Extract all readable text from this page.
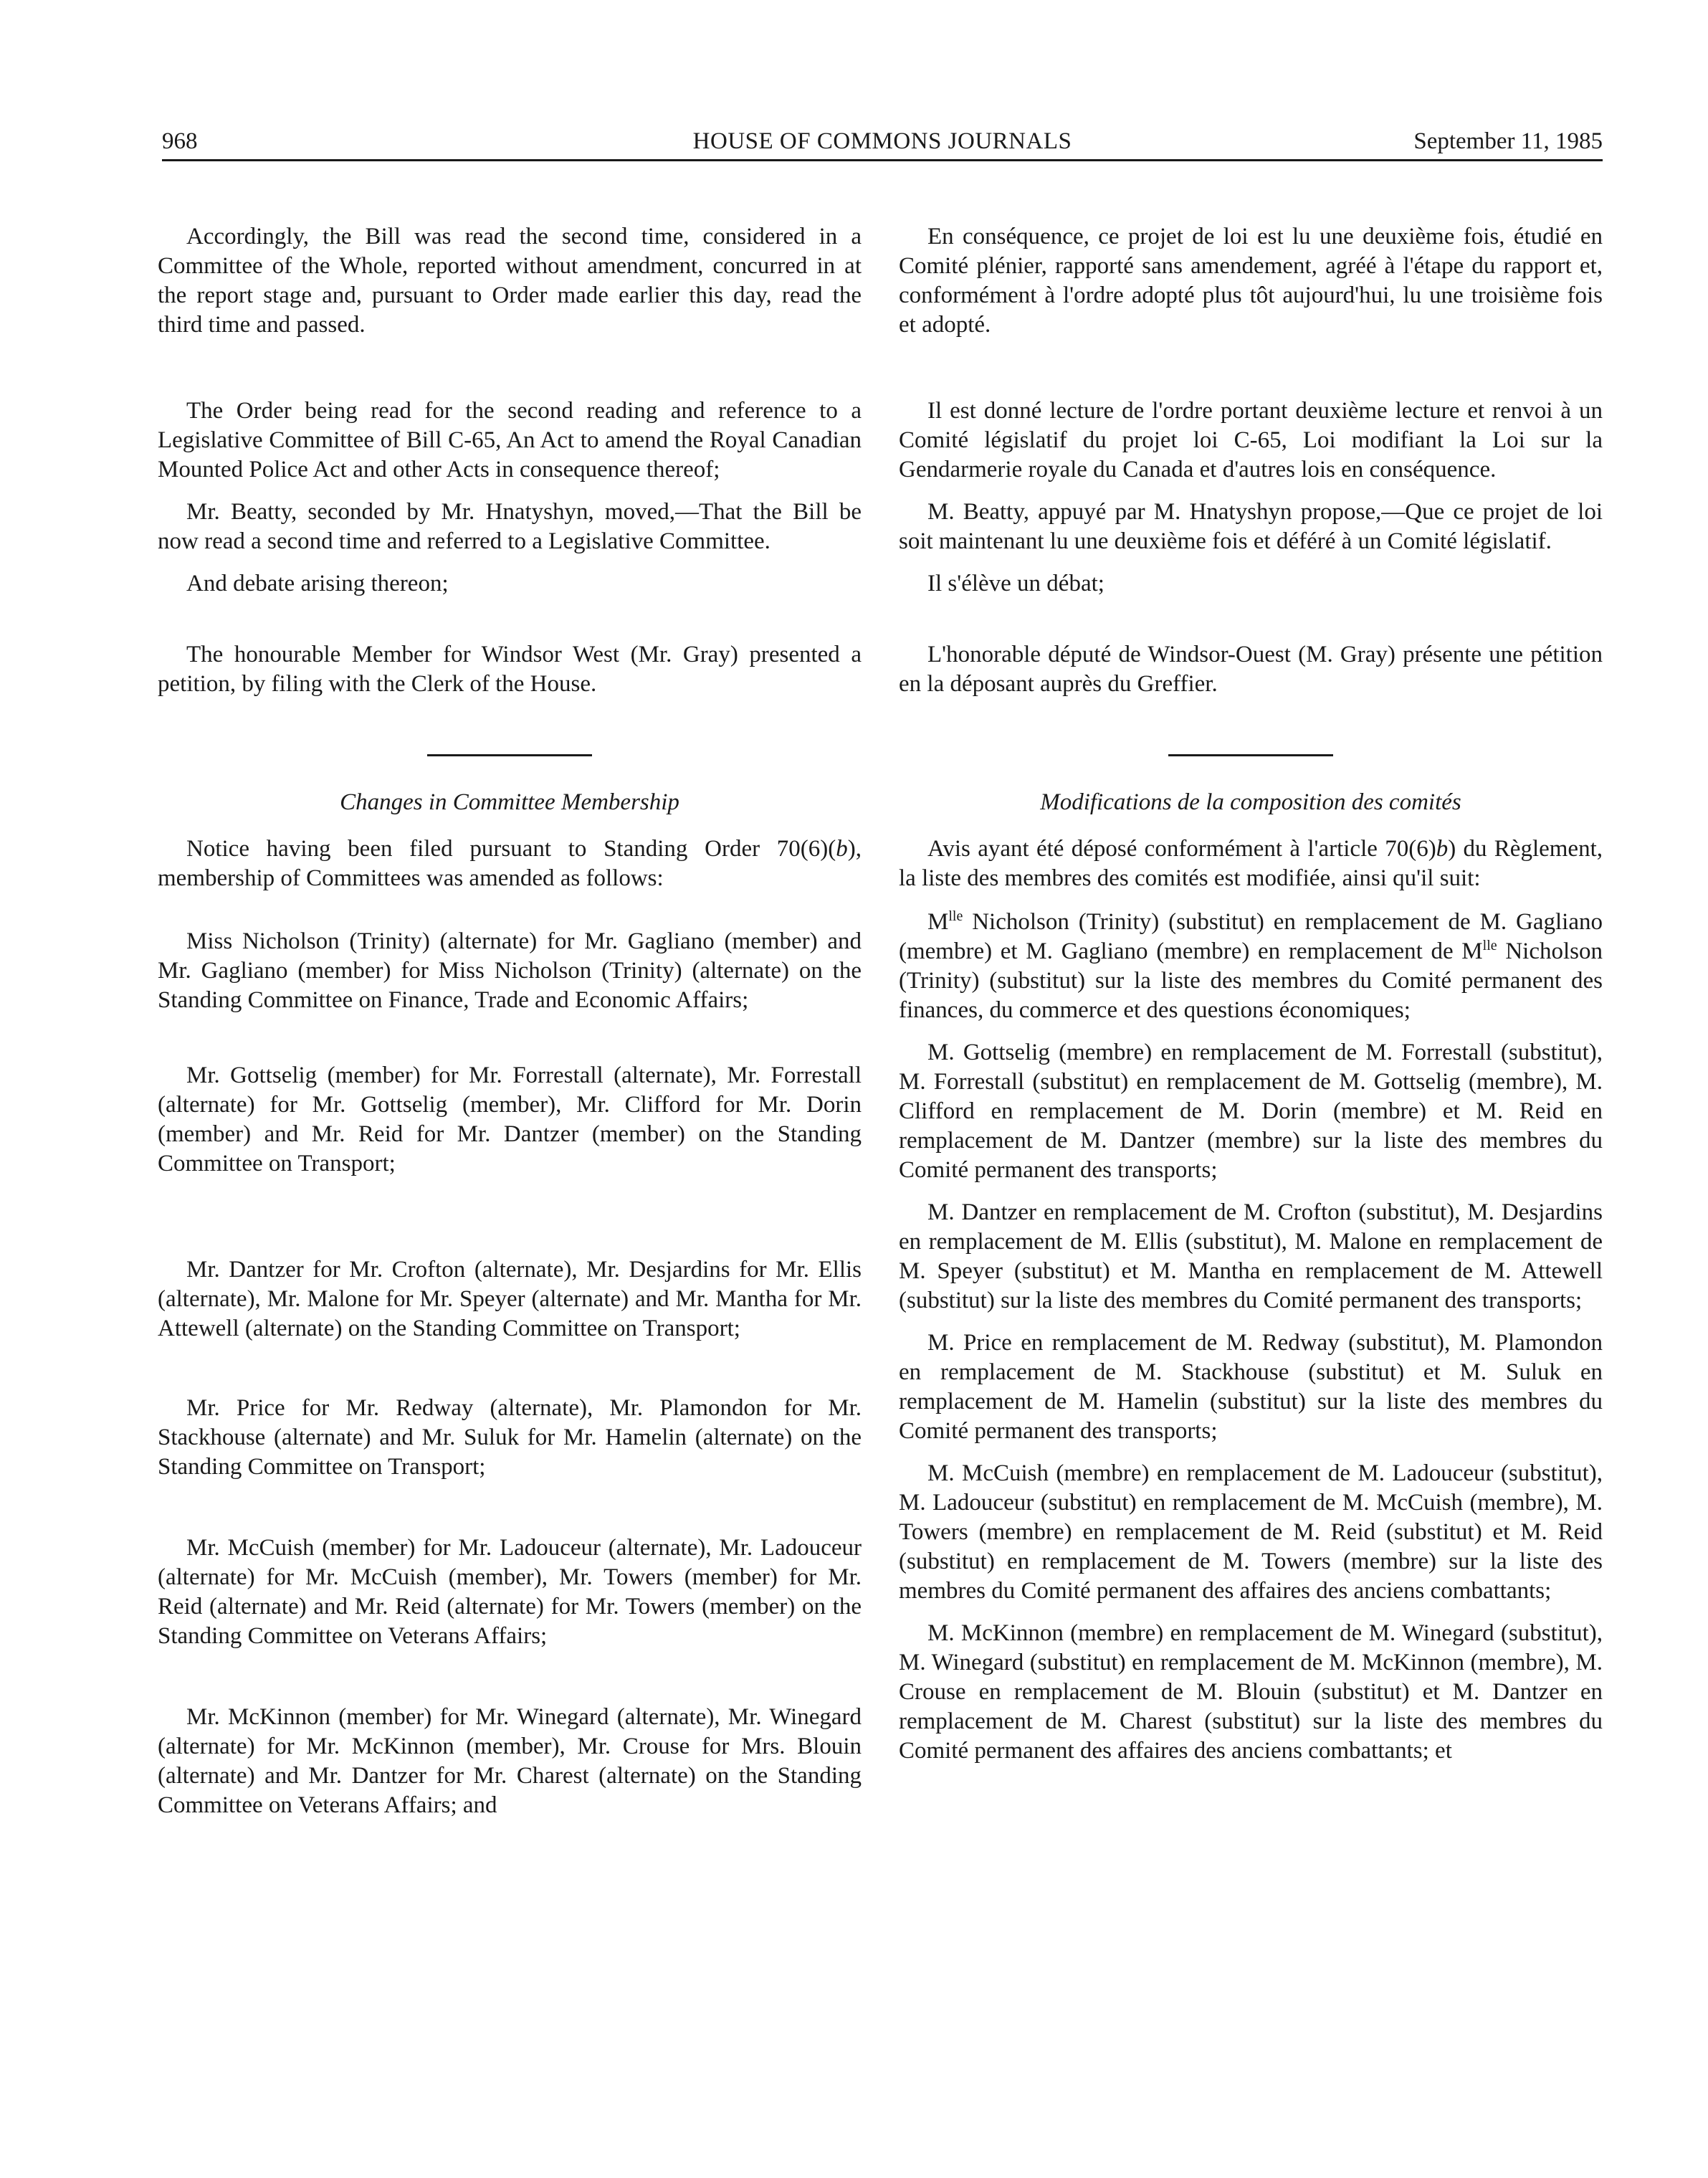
968	HOUSE OF COMMONS JOURNALS	September 11, 1985

Accordingly, the Bill was read the second time, considered in a Committee of the Whole, reported without amendment, concurred in at the report stage and, pursuant to Order made earlier this day, read the third time and passed.

The Order being read for the second reading and reference to a Legislative Committee of Bill C-65, An Act to amend the Royal Canadian Mounted Police Act and other Acts in consequence thereof;

Mr. Beatty, seconded by Mr. Hnatyshyn, moved,—That the Bill be now read a second time and referred to a Legislative Committee.

And debate arising thereon;

The honourable Member for Windsor West (Mr. Gray) presented a petition, by filing with the Clerk of the House.

Changes in Committee Membership

Notice having been filed pursuant to Standing Order 70(6)(b), membership of Committees was amended as follows:

Miss Nicholson (Trinity) (alternate) for Mr. Gagliano (member) and Mr. Gagliano (member) for Miss Nicholson (Trinity) (alternate) on the Standing Committee on Finance, Trade and Economic Affairs;

Mr. Gottselig (member) for Mr. Forrestall (alternate), Mr. Forrestall (alternate) for Mr. Gottselig (member), Mr. Clifford for Mr. Dorin (member) and Mr. Reid for Mr. Dantzer (member) on the Standing Committee on Transport;

Mr. Dantzer for Mr. Crofton (alternate), Mr. Desjardins for Mr. Ellis (alternate), Mr. Malone for Mr. Speyer (alternate) and Mr. Mantha for Mr. Attewell (alternate) on the Standing Committee on Transport;

Mr. Price for Mr. Redway (alternate), Mr. Plamondon for Mr. Stackhouse (alternate) and Mr. Suluk for Mr. Hamelin (alternate) on the Standing Committee on Transport;

Mr. McCuish (member) for Mr. Ladouceur (alternate), Mr. Ladouceur (alternate) for Mr. McCuish (member), Mr. Towers (member) for Mr. Reid (alternate) and Mr. Reid (alternate) for Mr. Towers (member) on the Standing Committee on Veterans Affairs;

Mr. McKinnon (member) for Mr. Winegard (alternate), Mr. Winegard (alternate) for Mr. McKinnon (member), Mr. Crouse for Mrs. Blouin (alternate) and Mr. Dantzer for Mr. Charest (alternate) on the Standing Committee on Veterans Affairs; and

En conséquence, ce projet de loi est lu une deuxième fois, étudié en Comité plénier, rapporté sans amendement, agréé à l'étape du rapport et, conformément à l'ordre adopté plus tôt aujourd'hui, lu une troisième fois et adopté.

Il est donné lecture de l'ordre portant deuxième lecture et renvoi à un Comité législatif du projet loi C-65, Loi modifiant la Loi sur la Gendarmerie royale du Canada et d'autres lois en conséquence.

M. Beatty, appuyé par M. Hnatyshyn propose,—Que ce projet de loi soit maintenant lu une deuxième fois et déféré à un Comité législatif.

Il s'élève un débat;

L'honorable député de Windsor-Ouest (M. Gray) présente une pétition en la déposant auprès du Greffier.

Modifications de la composition des comités

Avis ayant été déposé conformément à l'article 70(6)b) du Règlement, la liste des membres des comités est modifiée, ainsi qu'il suit:

$M^{lle}$ Nicholson (Trinity) (substitut) en remplacement de M. Gagliano (membre) et M. Gagliano (membre) en remplacement de $M^{lle}$ Nicholson (Trinity) (substitut) sur la liste des membres du Comité permanent des finances, du commerce et des questions économiques;

M. Gottselig (membre) en remplacement de M. Forrestall (substitut), M. Forrestall (substitut) en remplacement de M. Gottselig (membre), M. Clifford en remplacement de M. Dorin (membre) et M. Reid en remplacement de M. Dantzer (membre) sur la liste des membres du Comité permanent des transports;

M. Dantzer en remplacement de M. Crofton (substitut), M. Desjardins en remplacement de M. Ellis (substitut), M. Malone en remplacement de M. Speyer (substitut) et M. Mantha en remplacement de M. Attewell (substitut) sur la liste des membres du Comité permanent des transports;

M. Price en remplacement de M. Redway (substitut), M. Plamondon en remplacement de M. Stackhouse (substitut) et M. Suluk en remplacement de M. Hamelin (substitut) sur la liste des membres du Comité permanent des transports;

M. McCuish (membre) en remplacement de M. Ladouceur (substitut), M. Ladouceur (substitut) en remplacement de M. McCuish (membre), M. Towers (membre) en remplacement de M. Reid (substitut) et M. Reid (substitut) en remplacement de M. Towers (membre) sur la liste des membres du Comité permanent des affaires des anciens combattants;

M. McKinnon (membre) en remplacement de M. Winegard (substitut), M. Winegard (substitut) en remplacement de M. McKinnon (membre), M. Crouse en remplacement de M. Blouin (substitut) et M. Dantzer en remplacement de M. Charest (substitut) sur la liste des membres du Comité permanent des affaires des anciens combattants; et
